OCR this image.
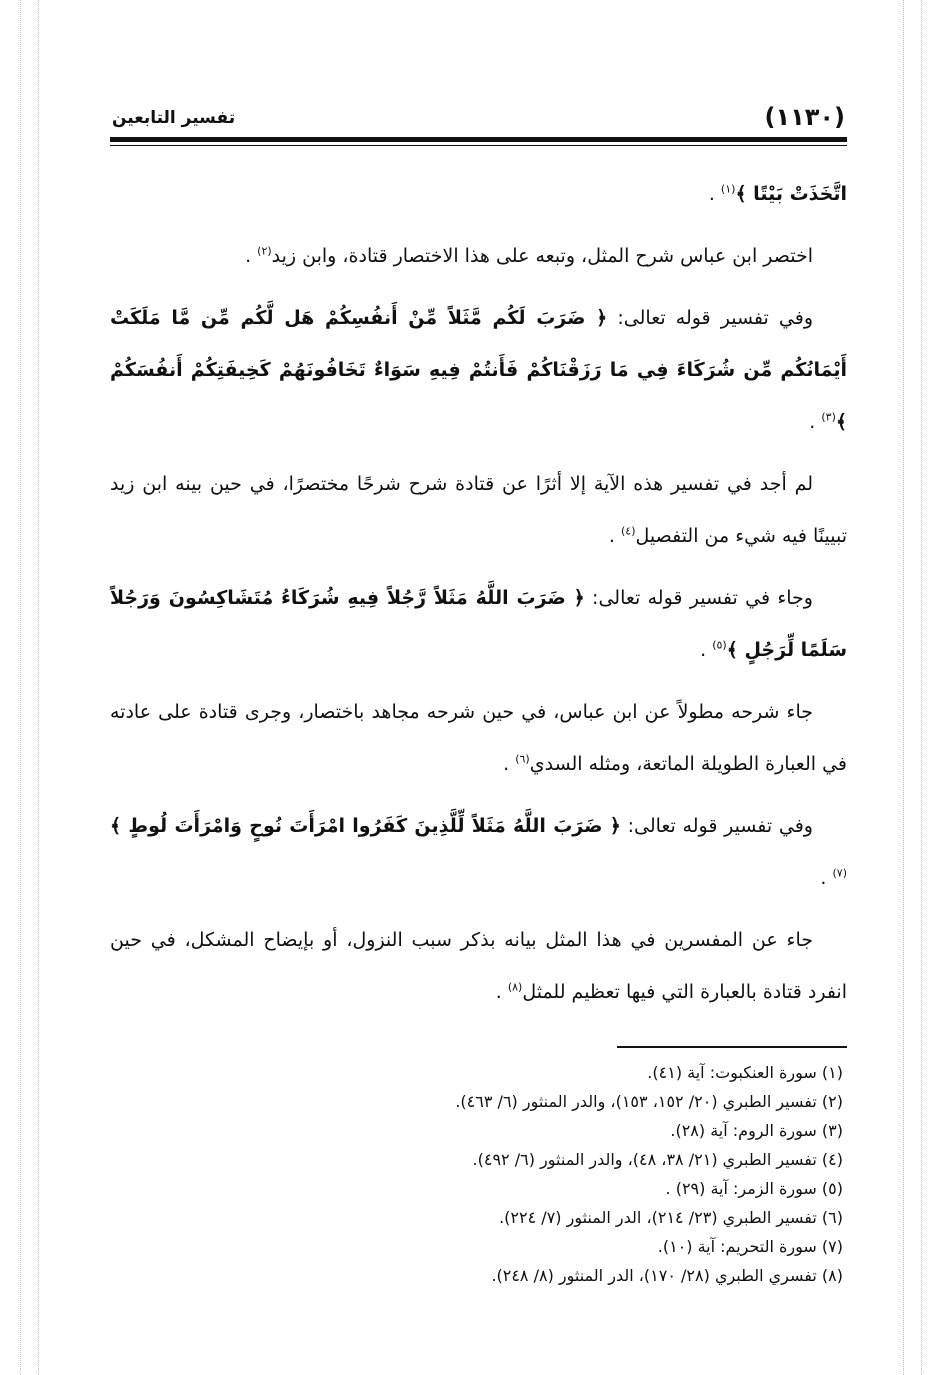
(١١٣٠)
تفسير التابعين

اتَّخَذَتْ بَيْتًا ﴾$^{(١)}$ .

اختصر ابن عباس شرح المثل، وتبعه على هذا الاختصار قتادة، وابن زيد$^{(٢)}$ .

وفي تفسير قوله تعالى: ﴿ ضَرَبَ لَكُم مَّثَلاً مِّنْ أَنفُسِكُمْ هَل لَّكُم مِّن مَّا مَلَكَتْ أَيْمَانُكُم مِّن شُرَكَاءَ فِي مَا رَزَقْنَاكُمْ فَأَنتُمْ فِيهِ سَوَاءٌ تَخَافُونَهُمْ كَخِيفَتِكُمْ أَنفُسَكُمْ ﴾$^{(٣)}$ .

لم أجد في تفسير هذه الآية إلا أثرًا عن قتادة شرح شرحًا مختصرًا، في حين بينه ابن زيد تبيينًا فيه شيء من التفصيل$^{(٤)}$ .

وجاء في تفسير قوله تعالى: ﴿ ضَرَبَ اللَّهُ مَثَلاً رَّجُلاً فِيهِ شُرَكَاءُ مُتَشَاكِسُونَ وَرَجُلاً سَلَمًا لِّرَجُلٍ ﴾$^{(٥)}$ .

جاء شرحه مطولاً عن ابن عباس، في حين شرحه مجاهد باختصار، وجرى قتادة على عادته في العبارة الطويلة الماتعة، ومثله السدي$^{(٦)}$ .

وفي تفسير قوله تعالى: ﴿ ضَرَبَ اللَّهُ مَثَلاً لِّلَّذِينَ كَفَرُوا امْرَأَتَ نُوحٍ وَامْرَأَتَ لُوطٍ ﴾$^{(٧)}$ .

جاء عن المفسرين في هذا المثل بيانه بذكر سبب النزول، أو بإيضاح المشكل، في حين انفرد قتادة بالعبارة التي فيها تعظيم للمثل$^{(٨)}$ .

(١) سورة العنكبوت: آية (٤١).
(٢) تفسير الطبري (٢٠/ ١٥٢، ١٥٣)، والدر المنثور (٦/ ٤٦٣).
(٣) سورة الروم: آية (٢٨).
(٤) تفسير الطبري (٢١/ ٣٨، ٤٨)، والدر المنثور (٦/ ٤٩٢).
(٥) سورة الزمر: آية (٢٩) .
(٦) تفسير الطبري (٢٣/ ٢١٤)، الدر المنثور (٧/ ٢٢٤).
(٧) سورة التحريم: آية (١٠).
(٨) تفسري الطبري (٢٨/ ١٧٠)، الدر المنثور (٨/ ٢٤٨).
